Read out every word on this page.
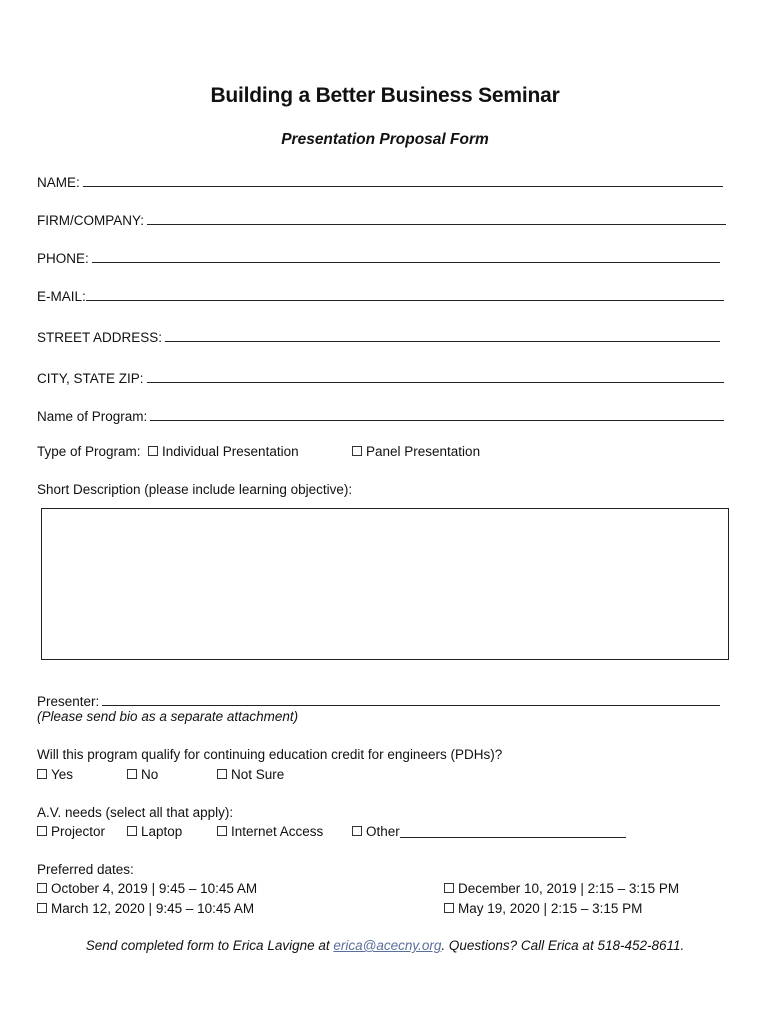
Building a Better Business Seminar
Presentation Proposal Form
NAME:
FIRM/COMPANY:
PHONE:
E-MAIL:
STREET ADDRESS:
CITY, STATE ZIP:
Name of Program:
Type of Program:	Individual Presentation	Panel Presentation
Short Description (please include learning objective):
Presenter:
(Please send bio as a separate attachment)
Will this program qualify for continuing education credit for engineers (PDHs)?
Yes	No	Not Sure
A.V. needs (select all that apply):
Projector	Laptop	Internet Access	Other
Preferred dates:
October 4, 2019 | 9:45 – 10:45 AM	December 10, 2019 | 2:15 – 3:15 PM
March 12, 2020 | 9:45 – 10:45 AM	May 19, 2020 | 2:15 – 3:15 PM
Send completed form to Erica Lavigne at erica@acecny.org. Questions? Call Erica at 518-452-8611.
